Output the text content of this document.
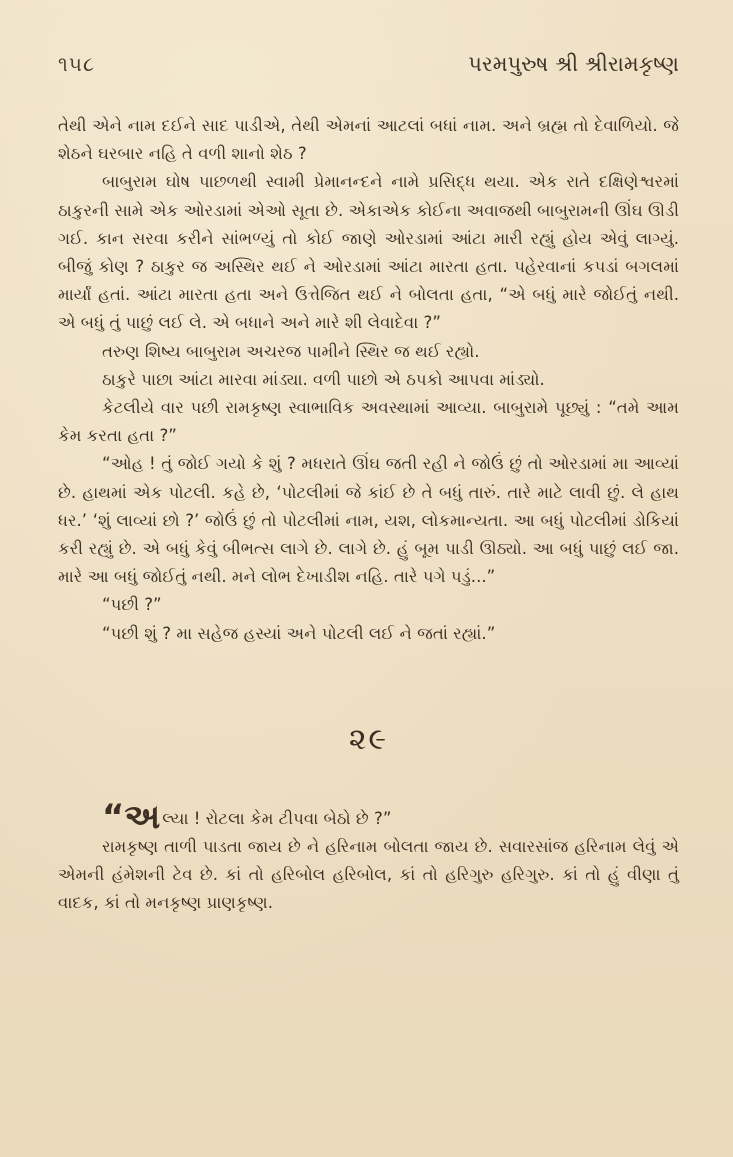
૧૫૮	પરમપુરુષ શ્રી શ્રીરામકૃષ્ણ

તેથી એને નામ દઈને સાદ પાડીએ, તેથી એમનાં આટલાં બધાં નામ. અને બ્રહ્મ તો દેવાળિયો. જે શેઠને ઘરબાર નહિ તે વળી શાનો શેઠ ?

બાબુરામ ઘોષ પાછળથી સ્વામી પ્રેમાનન્દને નામે પ્રસિદ્ધ થયા. એક રાતે દક્ષિણેશ્વરમાં ઠાકુરની સામે એક ઓરડામાં એઓ સૂતા છે. એકાએક કોઈના અવાજથી બાબુરામની ઊંઘ ઊડી ગઈ. કાન સરવા કરીને સાંભળ્યું તો કોઈ જાણે ઓરડામાં આંટા મારી રહ્યું હોય એવું લાગ્યું. બીજું કોણ ? ઠાકુર જ અસ્થિર થઈ ને ઓરડામાં આંટા મારતા હતા. પહેરવાનાં કપડાં બગલમાં માર્યાં હતાં. આંટા મારતા હતા અને ઉત્તેજિત થઈ ને બોલતા હતા, “એ બધું મારે જોઈતું નથી. એ બધું તું પાછું લઈ લે. એ બધાને અને મારે શી લેવાદેવા ?”

તરુણ શિષ્ય બાબુરામ અચરજ પામીને સ્થિર જ થઈ રહ્યો.

ઠાકુરે પાછા આંટા મારવા માંડ્યા. વળી પાછો એ ઠપકો આપવા માંડ્યો.

કેટલીયે વાર પછી રામકૃષ્ણ સ્વાભાવિક અવસ્થામાં આવ્યા. બાબુરામે પૂછ્યું : “તમે આમ કેમ કરતા હતા ?”

“ઓહ ! તું જોઈ ગયો કે શું ? મધરાતે ઊંઘ જતી રહી ને જોઉં છું તો ઓરડામાં મા આવ્યાં છે. હાથમાં એક પોટલી. કહે છે, ‘પોટલીમાં જે કાંઈ છે તે બધું તારું. તારે માટે લાવી છું. લે હાથ ધર.’ ‘શું લાવ્યાં છો ?’ જોઉં છું તો પોટલીમાં નામ, યશ, લોકમાન્યતા. આ બધું પોટલીમાં ડોકિયાં કરી રહ્યું છે. એ બધું કેવું બીભત્સ લાગે છે. લાગે છે. હું બૂમ પાડી ઊઠ્યો. આ બધું પાછું લઈ જા. મારે આ બધું જોઈતું નથી. મને લોભ દેખાડીશ નહિ. તારે પગે પડું...”

“પછી ?”

“પછી શું ? મા સહેજ હસ્યાં અને પોટલી લઈ ને જતાં રહ્યાં.”

૨૯

“અલ્યા ! રોટલા કેમ ટીપવા બેઠો છે ?”

રામકૃષ્ણ તાળી પાડતા જાય છે ને હરિનામ બોલતા જાય છે. સવારસાંજ હરિનામ લેવું એ એમની હંમેશની ટેવ છે. કાં તો હરિબોલ હરિબોલ, કાં તો હરિગુરુ હરિગુરુ. કાં તો હું વીણા તું વાદક, કાં તો મનકૃષ્ણ પ્રાણકૃષ્ણ.
